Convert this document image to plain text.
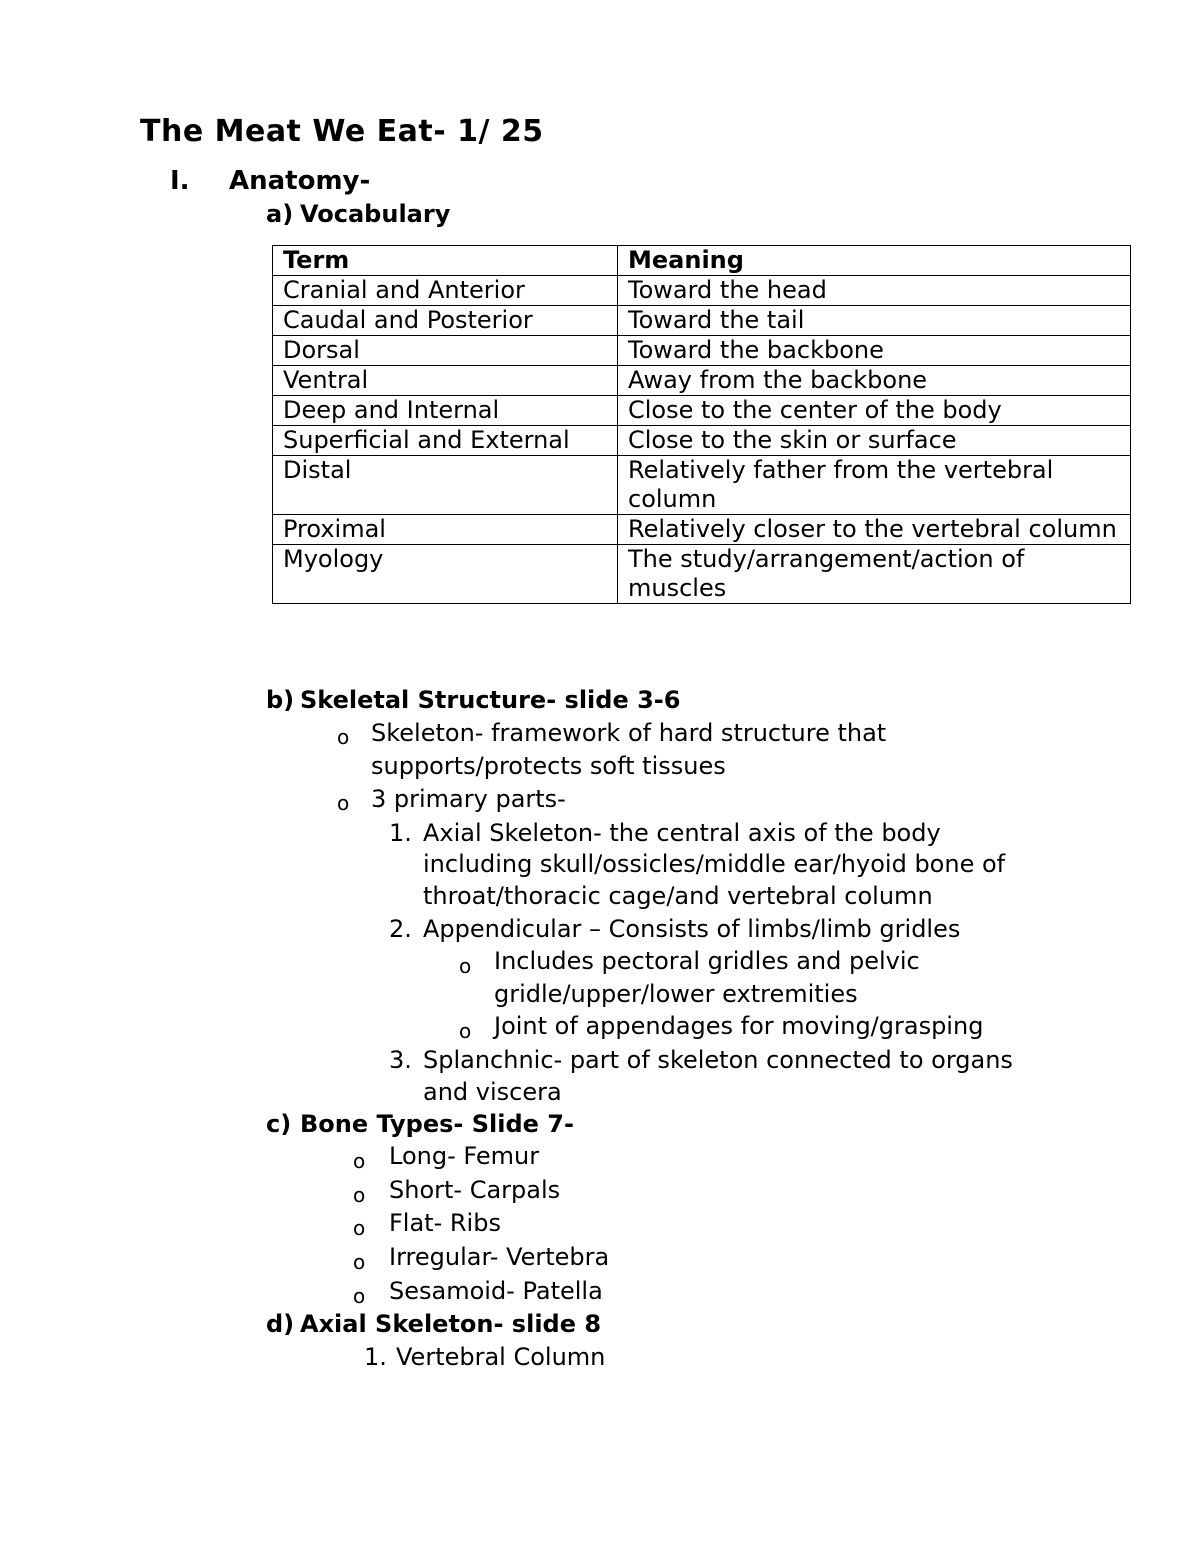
The Meat We Eat- 1/ 25
I. Anatomy-
a) Vocabulary
Term	Meaning
Cranial and Anterior	Toward the head
Caudal and Posterior	Toward the tail
Dorsal	Toward the backbone
Ventral	Away from the backbone
Deep and Internal	Close to the center of the body
Superficial and External	Close to the skin or surface
Distal	Relatively father from the vertebral column
Proximal	Relatively closer to the vertebral column
Myology	The study/arrangement/action of muscles
b) Skeletal Structure- slide 3-6
o Skeleton- framework of hard structure that
supports/protects soft tissues
o 3 primary parts-
1. Axial Skeleton- the central axis of the body
including skull/ossicles/middle ear/hyoid bone of
throat/thoracic cage/and vertebral column
2. Appendicular – Consists of limbs/limb gridles
o Includes pectoral gridles and pelvic
gridle/upper/lower extremities
o Joint of appendages for moving/grasping
3. Splanchnic- part of skeleton connected to organs
and viscera
c) Bone Types- Slide 7-
o Long- Femur
o Short- Carpals
o Flat- Ribs
o Irregular- Vertebra
o Sesamoid- Patella
d) Axial Skeleton- slide 8
1. Vertebral Column
